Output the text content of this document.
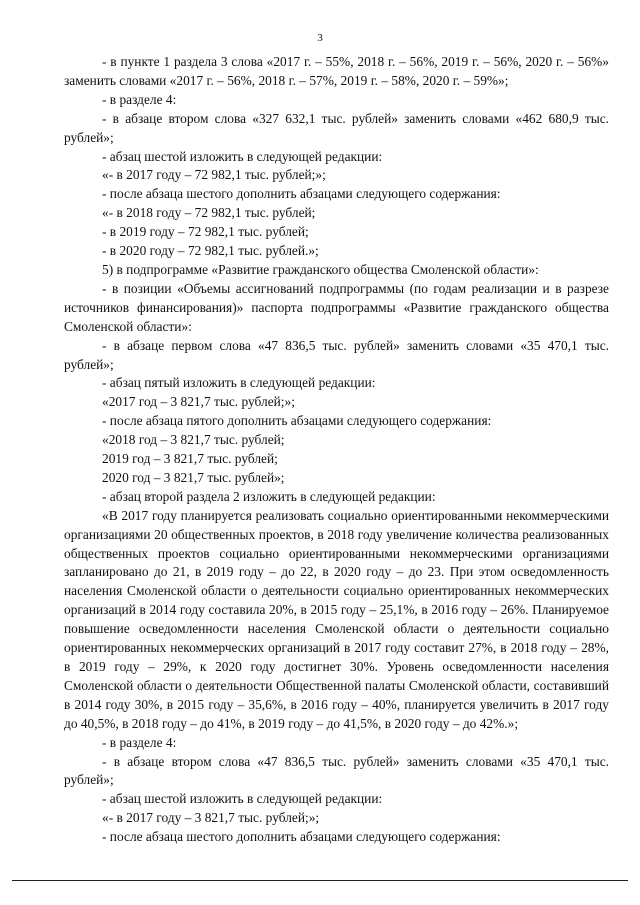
3

- в пункте 1 раздела 3 слова «2017 г. – 55%, 2018 г. – 56%, 2019 г. – 56%, 2020 г. – 56%» заменить словами «2017 г. – 56%, 2018 г. – 57%, 2019 г. – 58%, 2020 г. – 59%»;

- в разделе 4:

- в абзаце втором слова «327 632,1 тыс. рублей» заменить словами «462 680,9 тыс. рублей»;

- абзац шестой изложить в следующей редакции:

«- в 2017 году – 72 982,1 тыс. рублей;»;

- после абзаца шестого дополнить абзацами следующего содержания:

«- в 2018 году – 72 982,1 тыс. рублей;

- в 2019 году – 72 982,1 тыс. рублей;

- в 2020 году – 72 982,1 тыс. рублей.»;

5) в подпрограмме «Развитие гражданского общества Смоленской области»:

- в позиции «Объемы ассигнований подпрограммы (по годам реализации и в разрезе источников финансирования)» паспорта подпрограммы «Развитие гражданского общества Смоленской области»:

- в абзаце первом слова «47 836,5 тыс. рублей» заменить словами «35 470,1 тыс. рублей»;

- абзац пятый изложить в следующей редакции:

«2017 год – 3 821,7 тыс. рублей;»;

- после абзаца пятого дополнить абзацами следующего содержания:

«2018 год – 3 821,7 тыс. рублей;

2019 год – 3 821,7 тыс. рублей;

2020 год – 3 821,7 тыс. рублей»;

- абзац второй раздела 2 изложить в следующей редакции:

«В 2017 году планируется реализовать социально ориентированными некоммерческими организациями 20 общественных проектов, в 2018 году увеличение количества реализованных общественных проектов социально ориентированными некоммерческими организациями запланировано до 21, в 2019 году – до 22, в 2020 году – до 23. При этом осведомленность населения Смоленской области о деятельности социально ориентированных некоммерческих организаций в 2014 году составила 20%, в 2015 году – 25,1%, в 2016 году – 26%. Планируемое повышение осведомленности населения Смоленской области о деятельности социально ориентированных некоммерческих организаций в 2017 году составит 27%, в 2018 году – 28%, в 2019 году – 29%, к 2020 году достигнет 30%. Уровень осведомленности населения Смоленской области о деятельности Общественной палаты Смоленской области, составивший в 2014 году 30%, в 2015 году – 35,6%, в 2016 году – 40%, планируется увеличить в 2017 году до 40,5%, в 2018 году – до 41%, в 2019 году – до 41,5%, в 2020 году – до 42%.»;

- в разделе 4:

- в абзаце втором слова «47 836,5 тыс. рублей» заменить словами «35 470,1 тыс. рублей»;

- абзац шестой изложить в следующей редакции:

«- в 2017 году – 3 821,7 тыс. рублей;»;

- после абзаца шестого дополнить абзацами следующего содержания:
